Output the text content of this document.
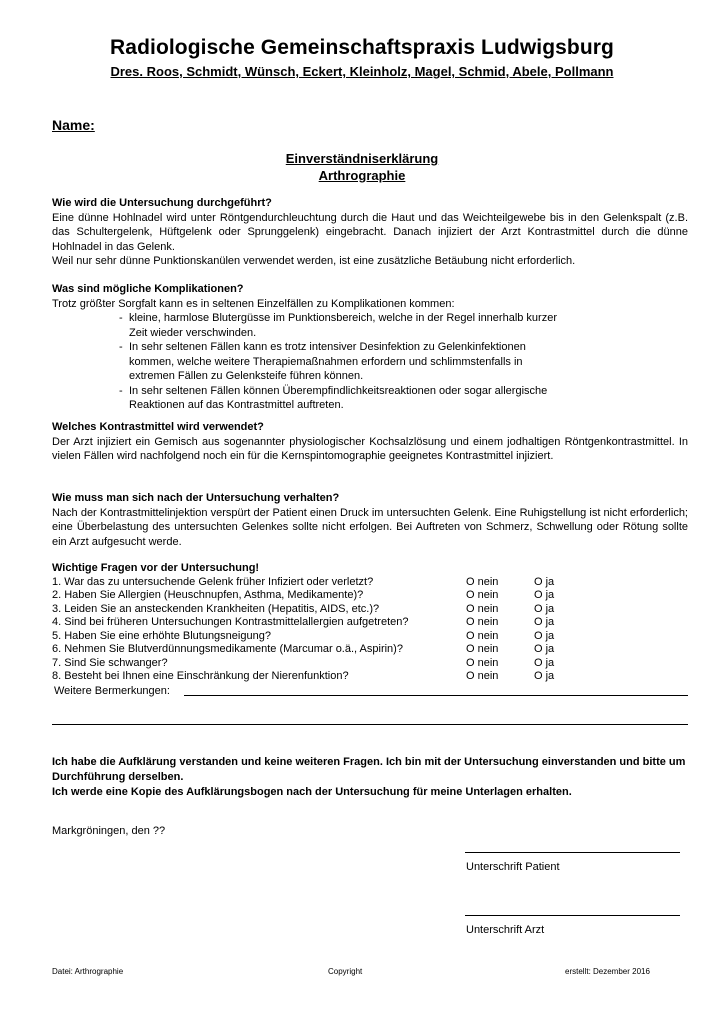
Radiologische Gemeinschaftspraxis Ludwigsburg
Dres. Roos, Schmidt, Wünsch, Eckert, Kleinholz, Magel, Schmid, Abele, Pollmann
Name:
Einverständniserklärung
Arthrographie
Wie wird die Untersuchung durchgeführt?

Eine dünne Hohlnadel wird unter Röntgendurchleuchtung durch die Haut und das Weichteilgewebe bis in den Gelenkspalt (z.B. das Schultergelenk, Hüftgelenk oder Sprunggelenk) eingebracht. Danach injiziert der Arzt Kontrastmittel durch die dünne Hohlnadel in das Gelenk.

Weil nur sehr dünne Punktionskanülen verwendet werden, ist eine zusätzliche Betäubung nicht erforderlich.

Was sind mögliche Komplikationen?

Trotz größter Sorgfalt kann es in seltenen Einzelfällen zu Komplikationen kommen:

- kleine, harmlose Blutergüsse im Punktionsbereich, welche in der Regel innerhalb kurzer Zeit wieder verschwinden.
- In sehr seltenen Fällen kann es trotz intensiver Desinfektion zu Gelenkinfektionen kommen, welche weitere Therapiemaßnahmen erfordern und schlimmstenfalls in extremen Fällen zu Gelenksteife führen können.
- In sehr seltenen Fällen können Überempfindlichkeitsreaktionen oder sogar allergische Reaktionen auf das Kontrastmittel auftreten.
Welches Kontrastmittel wird verwendet?

Der Arzt injiziert ein Gemisch aus sogenannter physiologischer Kochsalzlösung und einem jodhaltigen Röntgenkontrastmittel. In vielen Fällen wird nachfolgend noch ein für die Kernspintomographie geeignetes Kontrastmittel injiziert.

Wie muss man sich nach der Untersuchung verhalten?

Nach der Kontrastmittelinjektion verspürt der Patient einen Druck im untersuchten Gelenk. Eine Ruhigstellung ist nicht erforderlich; eine Überbelastung des untersuchten Gelenkes sollte nicht erfolgen. Bei Auftreten von Schmerz, Schwellung oder Rötung sollte ein Arzt aufgesucht werde.

Wichtige Fragen vor der Untersuchung!
1. War das zu untersuchende Gelenk früher Infiziert oder verletzt?	O nein	O ja
2. Haben Sie Allergien (Heuschnupfen, Asthma, Medikamente)?	O nein	O ja
3. Leiden Sie an ansteckenden Krankheiten (Hepatitis, AIDS, etc.)?	O nein	O ja
4. Sind bei früheren Untersuchungen Kontrastmittelallergien aufgetreten?	O nein	O ja
5. Haben Sie eine erhöhte Blutungsneigung?	O nein	O ja
6. Nehmen Sie Blutverdünnungsmedikamente (Marcumar o.ä., Aspirin)?	O nein	O ja
7. Sind Sie schwanger?	O nein	O ja
8. Besteht bei Ihnen eine Einschränkung der Nierenfunktion?	O nein	O ja
Weitere Bermerkungen:
Ich habe die Aufklärung verstanden und keine weiteren Fragen. Ich bin mit der Untersuchung einverstanden und bitte um Durchführung derselben.
Ich werde eine Kopie des Aufklärungsbogen nach der Untersuchung für meine Unterlagen erhalten.
Markgröningen, den ??
Unterschrift Patient
Unterschrift Arzt
Datei: Arthrographie	Copyright	erstellt: Dezember 2016
